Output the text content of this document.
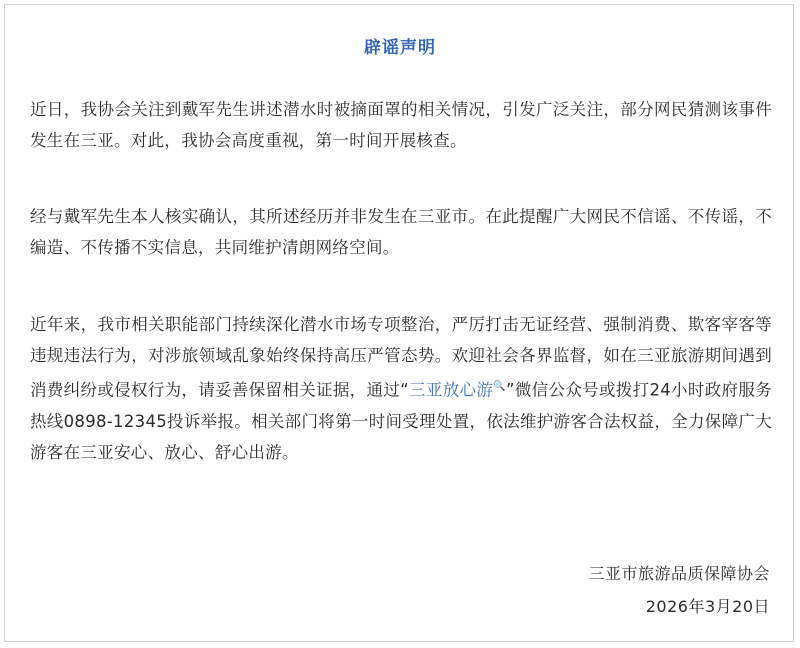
辟谣声明

近日，我协会关注到戴军先生讲述潜水时被摘面罩的相关情况，引发广泛关注，部分网民猜测该事件发生在三亚。对此，我协会高度重视，第一时间开展核查。

经与戴军先生本人核实确认，其所述经历并非发生在三亚市。在此提醒广大网民不信谣、不传谣，不编造、不传播不实信息，共同维护清朗网络空间。

近年来，我市相关职能部门持续深化潜水市场专项整治，严厉打击无证经营、强制消费、欺客宰客等违规违法行为，对涉旅领域乱象始终保持高压严管态势。欢迎社会各界监督，如在三亚旅游期间遇到消费纠纷或侵权行为，请妥善保留相关证据，通过“三亚放心游🔍”微信公众号或拨打24小时政府服务热线0898-12345投诉举报。相关部门将第一时间受理处置，依法维护游客合法权益，全力保障广大游客在三亚安心、放心、舒心出游。

三亚市旅游品质保障协会
2026年3月20日
